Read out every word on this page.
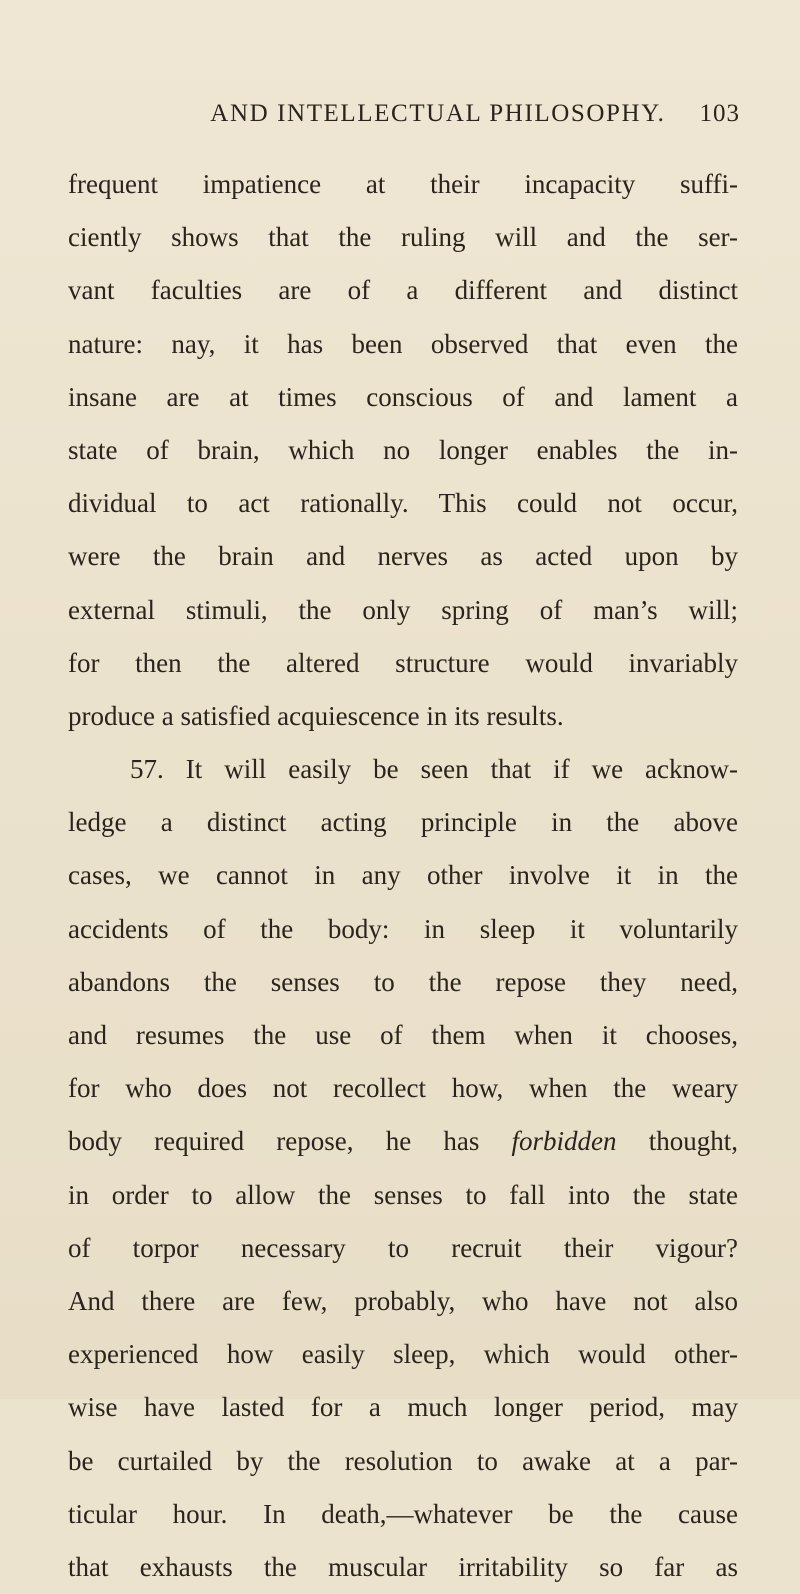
AND INTELLECTUAL PHILOSOPHY. 103
frequent impatience at their incapacity suffi-
ciently shows that the ruling will and the ser-
vant faculties are of a different and distinct
nature: nay, it has been observed that even the
insane are at times conscious of and lament a
state of brain, which no longer enables the in-
dividual to act rationally. This could not occur,
were the brain and nerves as acted upon by
external stimuli, the only spring of man’s will;
for then the altered structure would invariably
produce a satisfied acquiescence in its results.
57. It will easily be seen that if we acknow-
ledge a distinct acting principle in the above
cases, we cannot in any other involve it in the
accidents of the body: in sleep it voluntarily
abandons the senses to the repose they need,
and resumes the use of them when it chooses,
for who does not recollect how, when the weary
body required repose, he has forbidden thought,
in order to allow the senses to fall into the state
of torpor necessary to recruit their vigour?
And there are few, probably, who have not also
experienced how easily sleep, which would other-
wise have lasted for a much longer period, may
be curtailed by the resolution to awake at a par-
ticular hour. In death,—whatever be the cause
that exhausts the muscular irritability so far as
